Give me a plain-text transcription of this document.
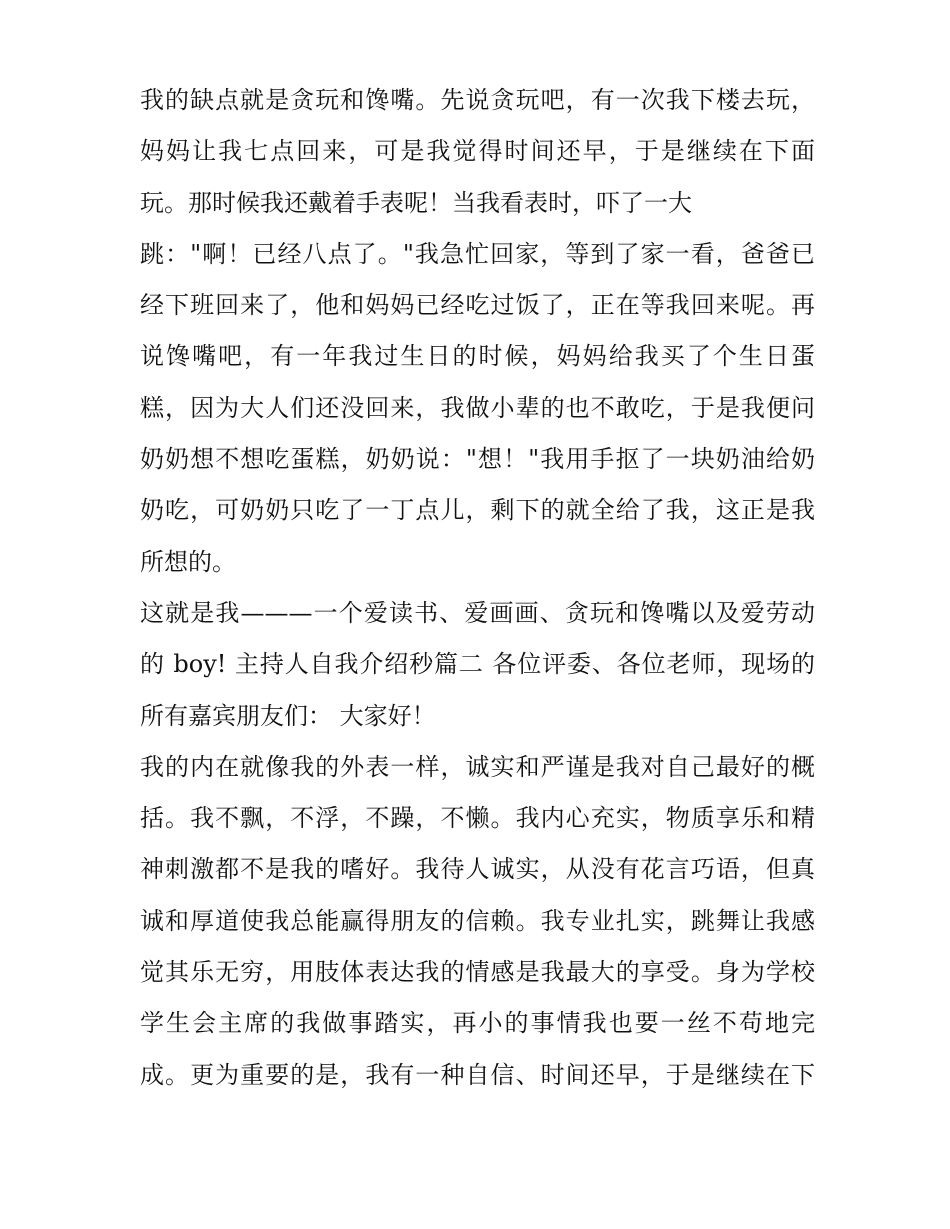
我的缺点就是贪玩和馋嘴。先说贪玩吧，有一次我下楼去玩，
妈妈让我七点回来，可是我觉得时间还早，于是继续在下面
玩。那时候我还戴着手表呢！当我看表时，吓了一大
跳："啊！已经八点了。"我急忙回家，等到了家一看，爸爸已
经下班回来了，他和妈妈已经吃过饭了，正在等我回来呢。再
说馋嘴吧，有一年我过生日的时候，妈妈给我买了个生日蛋
糕，因为大人们还没回来，我做小辈的也不敢吃，于是我便问
奶奶想不想吃蛋糕，奶奶说："想！"我用手抠了一块奶油给奶
奶吃，可奶奶只吃了一丁点儿，剩下的就全给了我，这正是我
所想的。
这就是我———一个爱读书、爱画画、贪玩和馋嘴以及爱劳动
的 boy! 主持人自我介绍秒篇二 各位评委、各位老师，现场的
所有嘉宾朋友们： 大家好！
我的内在就像我的外表一样，诚实和严谨是我对自己最好的概
括。我不飘，不浮，不躁，不懒。我内心充实，物质享乐和精
神刺激都不是我的嗜好。我待人诚实，从没有花言巧语，但真
诚和厚道使我总能赢得朋友的信赖。我专业扎实，跳舞让我感
觉其乐无穷，用肢体表达我的情感是我最大的享受。身为学校
学生会主席的我做事踏实，再小的事情我也要一丝不苟地完
成。更为重要的是，我有一种自信、时间还早，于是继续在下
